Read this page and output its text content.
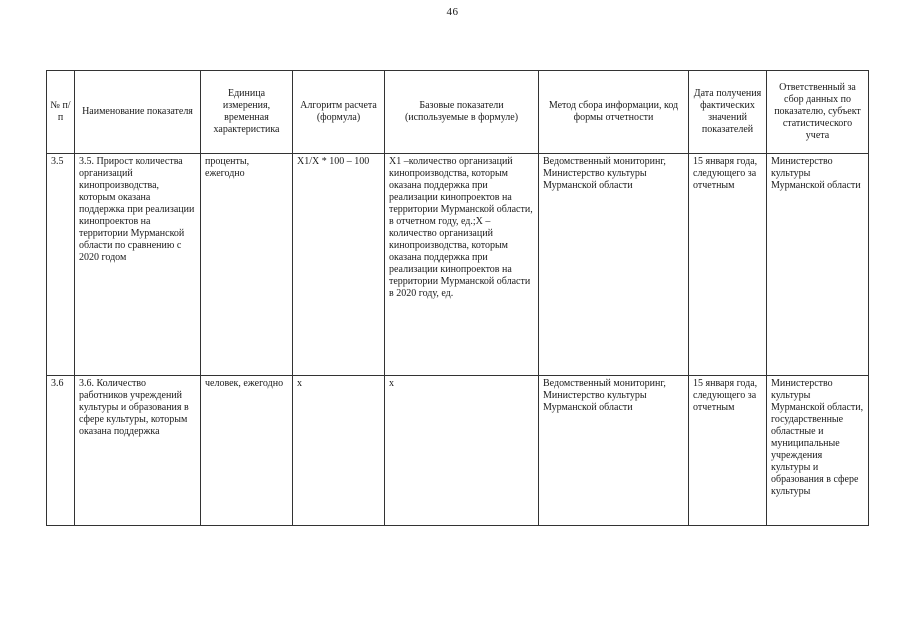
46
№ п/п	Наименование показателя	Единица измерения, временная характеристика	Алгоритм расчета (формула)	Базовые показатели (используемые в формуле)	Метод сбора информации, код формы отчетности	Дата получения фактических значений показателей	Ответственный за сбор данных по показателю, субъект статистического учета
3.5	3.5. Прирост количества организаций кинопроизводства, которым оказана поддержка при реализации кинопроектов на территории Мурманской области по сравнению с 2020 годом	проценты, ежегодно	X1/X * 100 – 100	X1 –количество организаций кинопроизводства, которым оказана поддержка при реализации кинопроектов на территории Мурманской области, в отчетном году, ед.;X – количество организаций кинопроизводства, которым оказана поддержка при реализации кинопроектов на территории Мурманской области в 2020 году, ед.	Ведомственный мониторинг, Министерство культуры Мурманской области	15 января года, следующего за отчетным	Министерство культуры Мурманской области
3.6	3.6. Количество работников учреждений культуры и образования в сфере культуры, которым оказана поддержка	человек, ежегодно	x	x	Ведомственный мониторинг, Министерство культуры Мурманской области	15 января года, следующего за отчетным	Министерство культуры Мурманской области, государственные областные и муниципальные учреждения культуры и образования в сфере культуры
